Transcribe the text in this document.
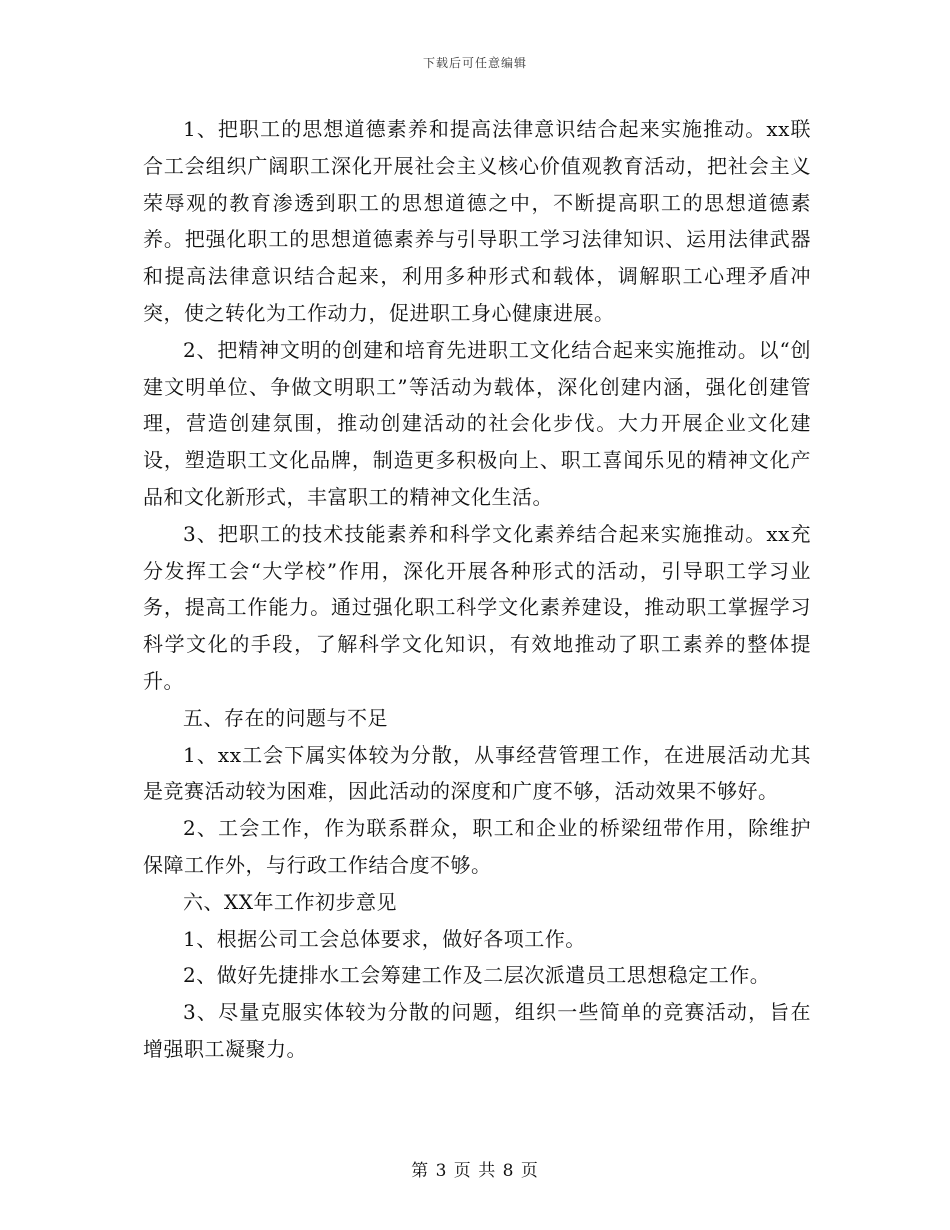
下载后可任意编辑

1、把职工的思想道德素养和提高法律意识结合起来实施推动。xx联合工会组织广阔职工深化开展社会主义核心价值观教育活动，把社会主义荣辱观的教育渗透到职工的思想道德之中，不断提高职工的思想道德素养。把强化职工的思想道德素养与引导职工学习法律知识、运用法律武器和提高法律意识结合起来，利用多种形式和载体，调解职工心理矛盾冲突，使之转化为工作动力，促进职工身心健康进展。

2、把精神文明的创建和培育先进职工文化结合起来实施推动。以“创建文明单位、争做文明职工”等活动为载体，深化创建内涵，强化创建管理，营造创建氛围，推动创建活动的社会化步伐。大力开展企业文化建设，塑造职工文化品牌，制造更多积极向上、职工喜闻乐见的精神文化产品和文化新形式，丰富职工的精神文化生活。

3、把职工的技术技能素养和科学文化素养结合起来实施推动。xx充分发挥工会“大学校”作用，深化开展各种形式的活动，引导职工学习业务，提高工作能力。通过强化职工科学文化素养建设，推动职工掌握学习科学文化的手段，了解科学文化知识，有效地推动了职工素养的整体提升。

五、存在的问题与不足

1、xx工会下属实体较为分散，从事经营管理工作，在进展活动尤其是竞赛活动较为困难，因此活动的深度和广度不够，活动效果不够好。

2、工会工作，作为联系群众，职工和企业的桥梁纽带作用，除维护保障工作外，与行政工作结合度不够。

六、XX年工作初步意见

1、根据公司工会总体要求，做好各项工作。

2、做好先捷排水工会筹建工作及二层次派遣员工思想稳定工作。

3、尽量克服实体较为分散的问题，组织一些简单的竞赛活动，旨在增强职工凝聚力。

第 3 页 共 8 页
